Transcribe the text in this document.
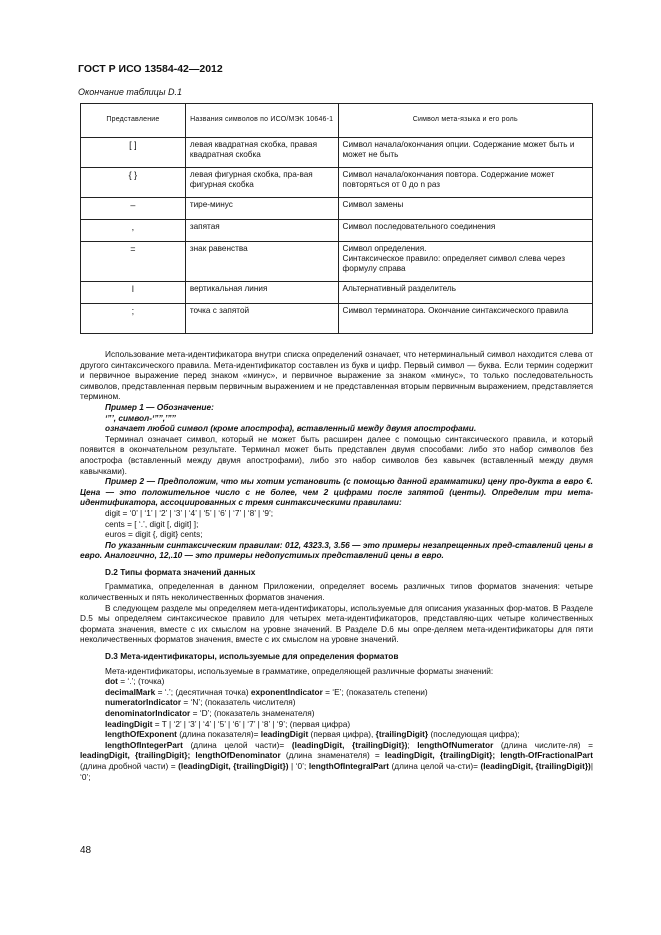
ГОСТ Р ИСО 13584-42—2012
Окончание таблицы D.1
Представление	Названия символов по ИСО/МЭК 10646-1	Символ мета-языка и его роль
[ ]	левая квадратная скобка, правая квадратная скобка	Символ начала/окончания опции. Содержание может быть и может не быть
{ }	левая фигурная скобка, пра-вая фигурная скобка	Символ начала/окончания повтора. Содержание может повторяться от 0 до n раз
–	тире-минус	Символ замены
,	запятая	Символ последовательного соединения
=	знак равенства	Символ определения.
Синтаксическое правило: определяет символ слева через формулу справа
l	вертикальная линия	Альтернативный разделитель
;	точка с запятой	Символ терминатора. Окончание синтаксического правила

Использование мета-идентификатора внутри списка определений означает, что нетерминальный символ находится слева от другого синтаксического правила. Мета-идентификатор составлен из букв и цифр. Первый символ — буква. Если термин содержит и первичное выражение перед знаком «минус», и первичное выражение за знаком «минус», то только последовательность символов, представленная первым первичным выражением и не представленная вторым первичным выражением, представляется термином.

Пример 1 — Обозначение:

‘”’, символ-‘”’’,’”’’

означает любой символ (кроме апострофа), вставленный между двумя апострофами.

Терминал означает символ, который не может быть расширен далее с помощью синтаксического правила, и который появится в окончательном результате. Терминал может быть представлен двумя способами: либо это набор символов без апострофа (вставленный между двумя апострофами), либо это набор символов без кавычек (вставленный между двумя кавычками).

Пример 2 — Предположим, что мы хотим установить (с помощью данной грамматики) цену про-дукта в евро €. Цена — это положительное число с не более, чем 2 цифрами после запятой (центы). Определим три мета-идентификатора, ассоциированных с тремя синтаксическими правилами:

digit = ‘0’ | ‘1’ | ‘2’ | ‘3’ | ‘4’ | ‘5’ | ‘6’ | ‘7’ | ‘8’ | ‘9’;

cents = [ ‘.’, digit [, digit] ];

euros = digit {, digit} cents;

По указанным синтаксическим правилам: 012, 4323.3, 3.56 — это примеры незапрещенных пред-ставлений цены в евро. Аналогично, 12,.10 — это примеры недопустимых представлений цены в евро.

D.2 Типы формата значений данных

Грамматика, определенная в данном Приложении, определяет восемь различных типов форматов значения: четыре количественных и пять неколичественных форматов значения.

В следующем разделе мы определяем мета-идентификаторы, используемые для описания указанных фор-матов. В Разделе D.5 мы определяем синтаксическое правило для четырех мета-идентификаторов, представляю-щих четыре количественных формата значения, вместе с их смыслом на уровне значений. В Разделе D.6 мы опре-деляем мета-идентификаторы для пяти неколичественных форматов значения, вместе с их смыслом на уровне значений.

D.3 Мета-идентификаторы, используемые для определения форматов

Мета-идентификаторы, используемые в грамматике, определяющей различные форматы значений:

dot = ‘.’; (точка)

decimalMark = ‘.’; (десятичная точка) exponentIndicator = ‘E’; (показатель степени)

numeratorIndicator = ‘N’; (показатель числителя)

denominatorIndicator = ‘D’; (показатель знаменателя)

leadingDigit = T | ‘2’ | ‘3’ | ‘4’ | ‘5’ | ‘6’ | ‘7’ | ‘8’ | ‘9’; (первая цифра)

lengthOfExponent (длина показателя)= leadingDigit (первая цифра), {trailingDigit} (последующая цифра);

lengthOfIntegerPart (длина целой части)= (leadingDigit, {trailingDigit}); lengthOfNumerator (длина числите-ля) = leadingDigit, {trailingDigit}; lengthOfDenominator (длина знаменателя) = leadingDigit, {trailingDigit}; length-OfFractionalPart (длина дробной части) = (leadingDigit, {trailingDigit}) | ‘0’; lengthOfIntegralPart (длина целой ча-сти)= (leadingDigit, {trailingDigit})| ‘0’;

48
